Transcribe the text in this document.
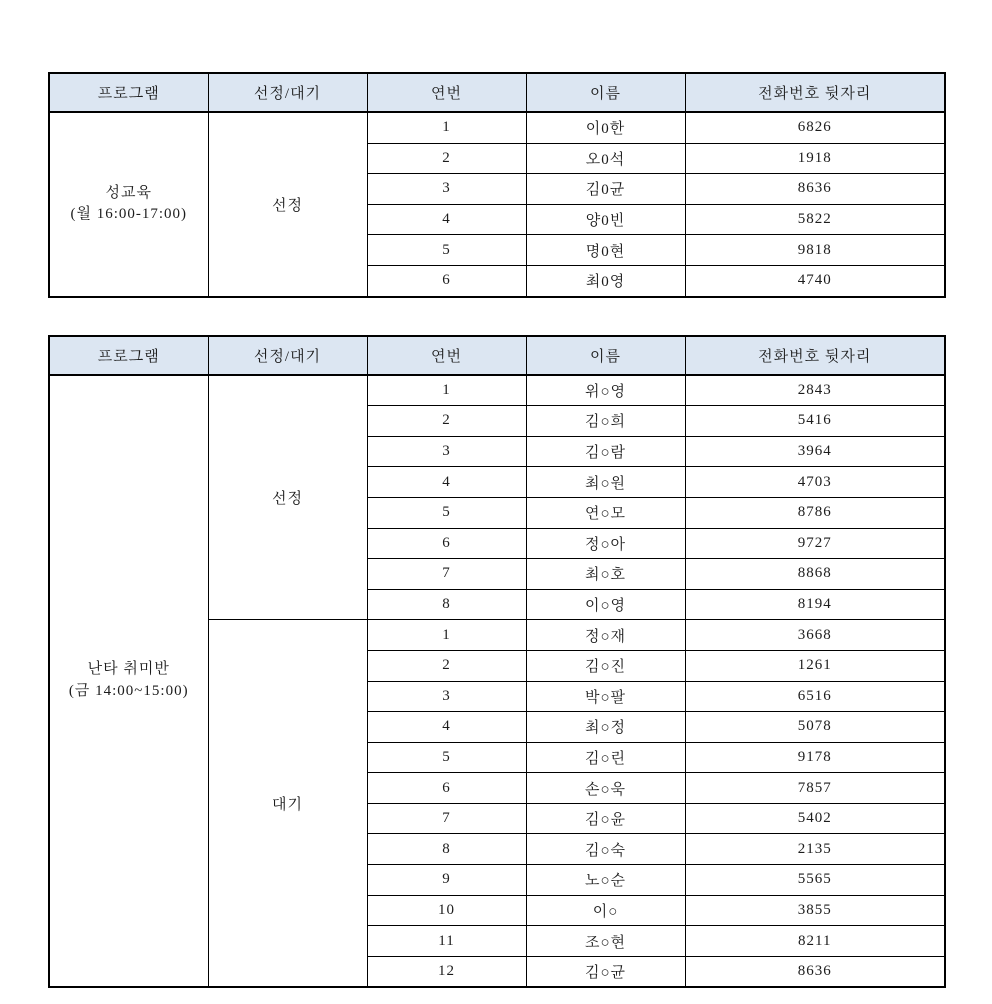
프로그램	선정/대기	연번	이름	전화번호 뒷자리

성교육
(월 16:00-17:00)	선정	1	이0한	6826
		2	오0석	1918
		3	김0균	8636
		4	양0빈	5822
		5	명0현	9818
		6	최0영	4740
프로그램	선정/대기	연번	이름	전화번호 뒷자리

난타 취미반
(금 14:00~15:00)	선정	1	위○영	2843
		2	김○희	5416
		3	김○람	3964
		4	최○원	4703
		5	연○모	8786
		6	정○아	9727
		7	최○호	8868
		8	이○영	8194
	대기	1	정○재	3668
		2	김○진	1261
		3	박○팔	6516
		4	최○정	5078
		5	김○린	9178
		6	손○욱	7857
		7	김○윤	5402
		8	김○숙	2135
		9	노○순	5565
		10	이○	3855
		11	조○현	8211
		12	김○균	8636
